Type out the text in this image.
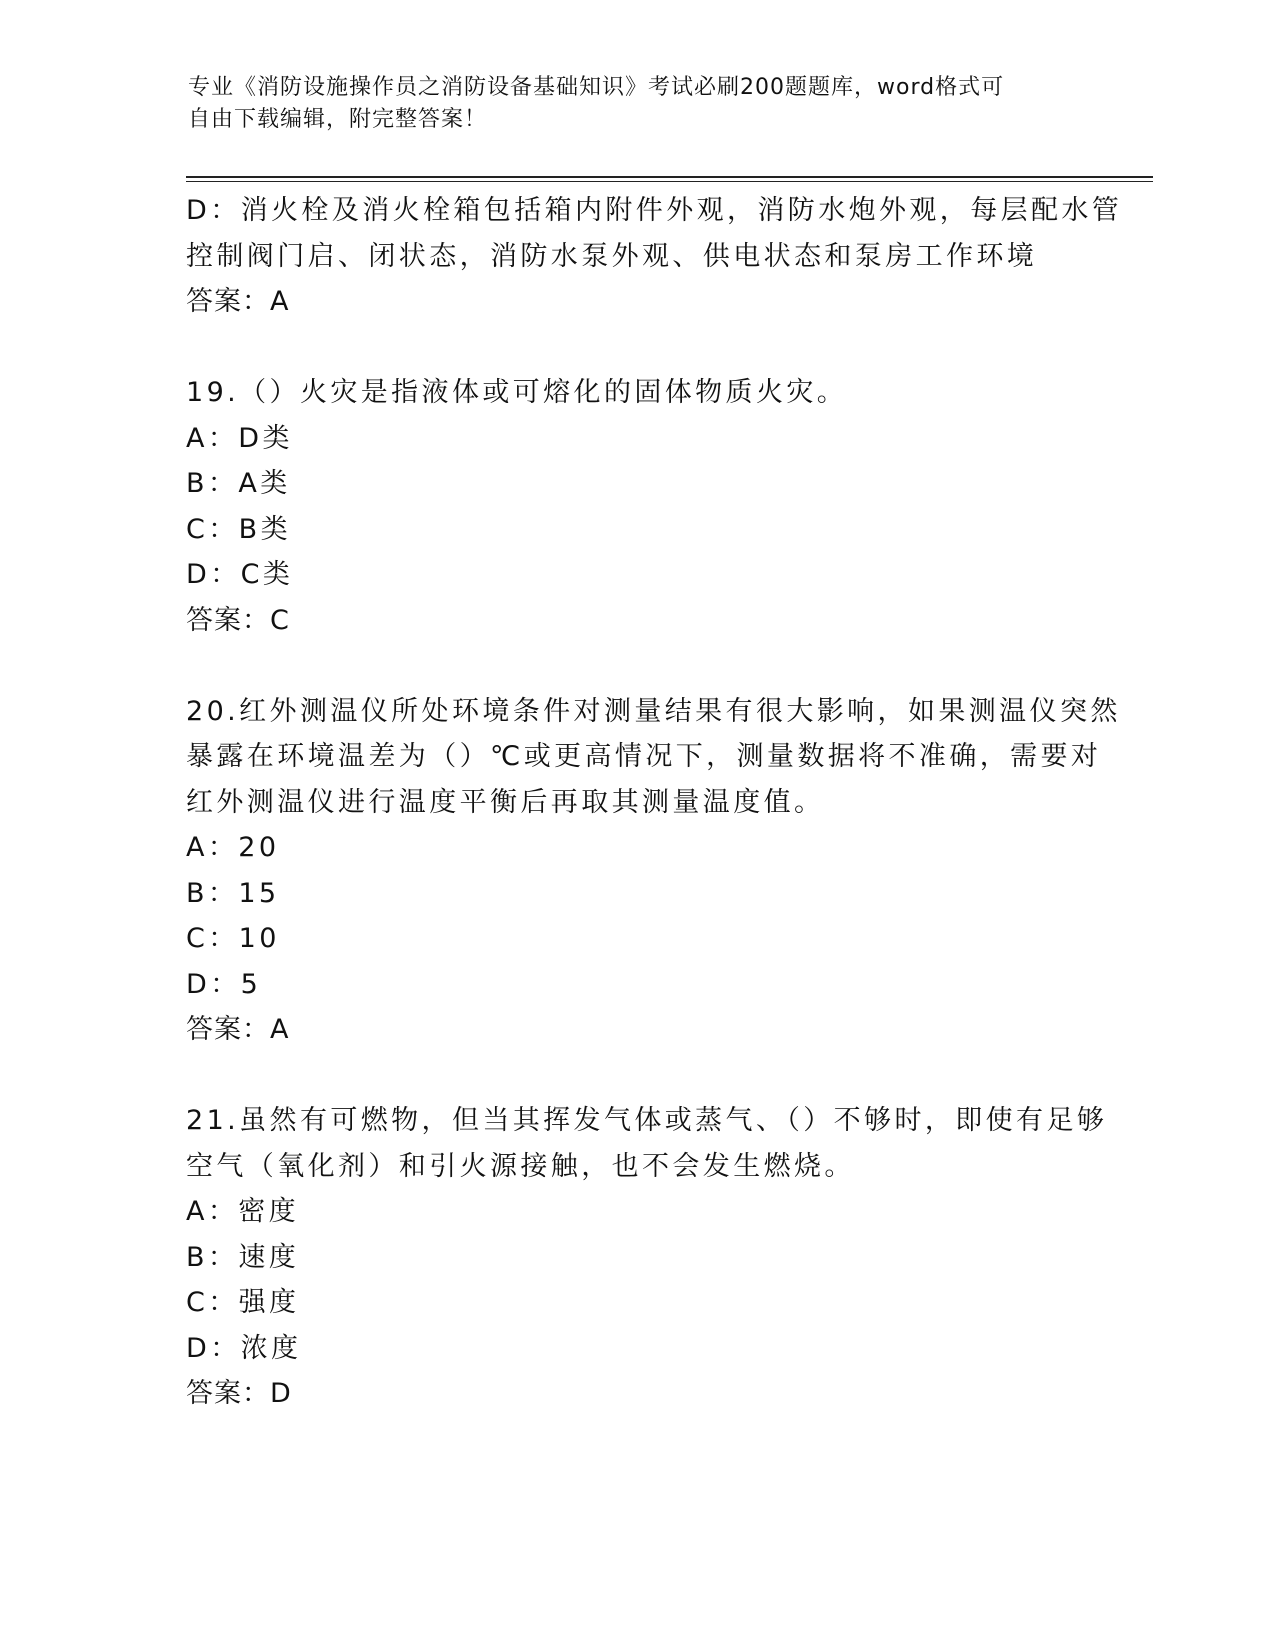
专业《消防设施操作员之消防设备基础知识》考试必刷200题题库，word格式可
自由下载编辑，附完整答案！
D：消火栓及消火栓箱包括箱内附件外观，消防水炮外观，每层配水管
控制阀门启、闭状态，消防水泵外观、供电状态和泵房工作环境
答案：A
19.（）火灾是指液体或可熔化的固体物质火灾。
A：D类
B：A类
C：B类
D：C类
答案：C
20.红外测温仪所处环境条件对测量结果有很大影响，如果测温仪突然
暴露在环境温差为（）℃或更高情况下，测量数据将不准确，需要对
红外测温仪进行温度平衡后再取其测量温度值。
A：20
B：15
C：10
D：5
答案：A
21.虽然有可燃物，但当其挥发气体或蒸气、（）不够时，即使有足够
空气（氧化剂）和引火源接触，也不会发生燃烧。
A：密度
B：速度
C：强度
D：浓度
答案：D
